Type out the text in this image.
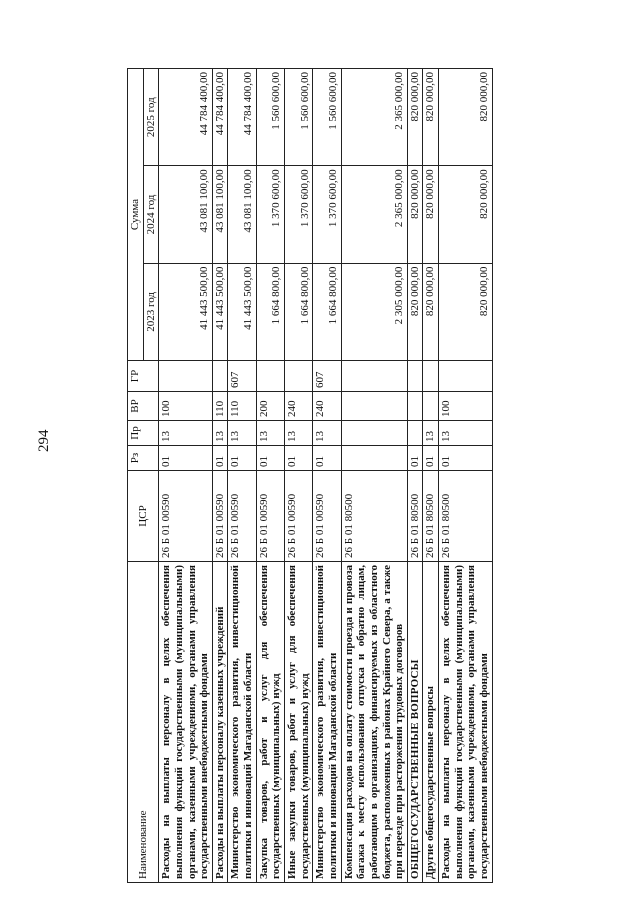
294
Наименование	ЦСР	Рз	Пр	ВР	ГР	Сумма		
						2023 год	2024 год	2025 год
Расходы на выплаты персоналу в целях обеспечения выполнения функций государственными (муниципальными) органами, казенными учреждениями, органами управления государственными внебюджетными фондами	26 Б 01 00590	01	13	100		41 443 500,00	43 081 100,00	44 784 400,00
Расходы на выплаты персоналу казенных учреждений	26 Б 01 00590	01	13	110		41 443 500,00	43 081 100,00	44 784 400,00
Министерство экономического развития, инвестиционной политики и инноваций Магаданской области	26 Б 01 00590	01	13	110	607	41 443 500,00	43 081 100,00	44 784 400,00
Закупка товаров, работ и услуг для обеспечения государственных (муниципальных) нужд	26 Б 01 00590	01	13	200		1 664 800,00	1 370 600,00	1 560 600,00
Иные закупки товаров, работ и услуг для обеспечения государственных (муниципальных) нужд	26 Б 01 00590	01	13	240		1 664 800,00	1 370 600,00	1 560 600,00
Министерство экономического развития, инвестиционной политики и инноваций Магаданской области	26 Б 01 00590	01	13	240	607	1 664 800,00	1 370 600,00	1 560 600,00
Компенсация расходов на оплату стоимости проезда и провоза багажа к месту использования отпуска и обратно лицам, работающим в организациях, финансируемых из областного бюджета, расположенных в районах Крайнего Севера, а также при переезде при расторжении трудовых договоров	26 Б 01 80500					2 305 000,00	2 365 000,00	2 365 000,00
ОБЩЕГОСУДАРСТВЕННЫЕ ВОПРОСЫ	26 Б 01 80500	01				820 000,00	820 000,00	820 000,00
Другие общегосударственные вопросы	26 Б 01 80500	01	13			820 000,00	820 000,00	820 000,00
Расходы на выплаты персоналу в целях обеспечения выполнения функций государственными (муниципальными) органами, казенными учреждениями, органами управления государственными внебюджетными фондами	26 Б 01 80500	01	13	100		820 000,00	820 000,00	820 000,00
